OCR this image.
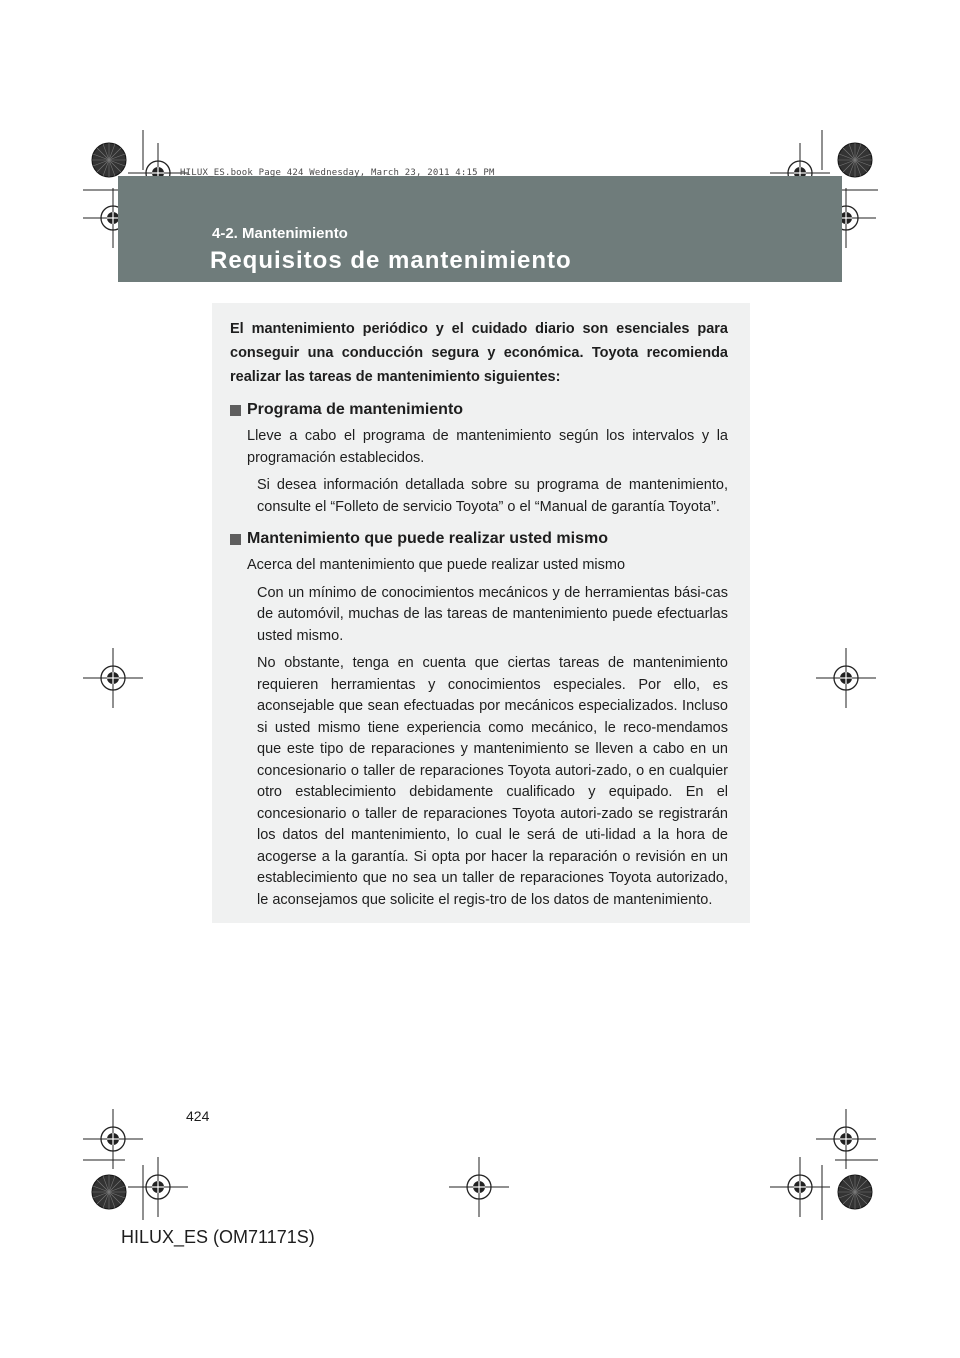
HILUX_ES.book Page 424 Wednesday, March 23, 2011 4:15 PM
4-2. Mantenimiento
Requisitos de mantenimiento

El mantenimiento periódico y el cuidado diario son esenciales para conseguir una conducción segura y económica. Toyota recomienda realizar las tareas de mantenimiento siguientes:

Programa de mantenimiento

Lleve a cabo el programa de mantenimiento según los intervalos y la programación establecidos.

Si desea información detallada sobre su programa de mantenimiento, consulte el “Folleto de servicio Toyota” o el “Manual de garantía Toyota”.

Mantenimiento que puede realizar usted mismo

Acerca del mantenimiento que puede realizar usted mismo

Con un mínimo de conocimientos mecánicos y de herramientas bási-cas de automóvil, muchas de las tareas de mantenimiento puede efectuarlas usted mismo.

No obstante, tenga en cuenta que ciertas tareas de mantenimiento requieren herramientas y conocimientos especiales. Por ello, es aconsejable que sean efectuadas por mecánicos especializados. Incluso si usted mismo tiene experiencia como mecánico, le reco-mendamos que este tipo de reparaciones y mantenimiento se lleven a cabo en un concesionario o taller de reparaciones Toyota autori-zado, o en cualquier otro establecimiento debidamente cualificado y equipado. En el concesionario o taller de reparaciones Toyota autori-zado se registrarán los datos del mantenimiento, lo cual le será de uti-lidad a la hora de acogerse a la garantía. Si opta por hacer la reparación o revisión en un establecimiento que no sea un taller de reparaciones Toyota autorizado, le aconsejamos que solicite el regis-tro de los datos de mantenimiento.

424
HILUX_ES (OM71171S)
